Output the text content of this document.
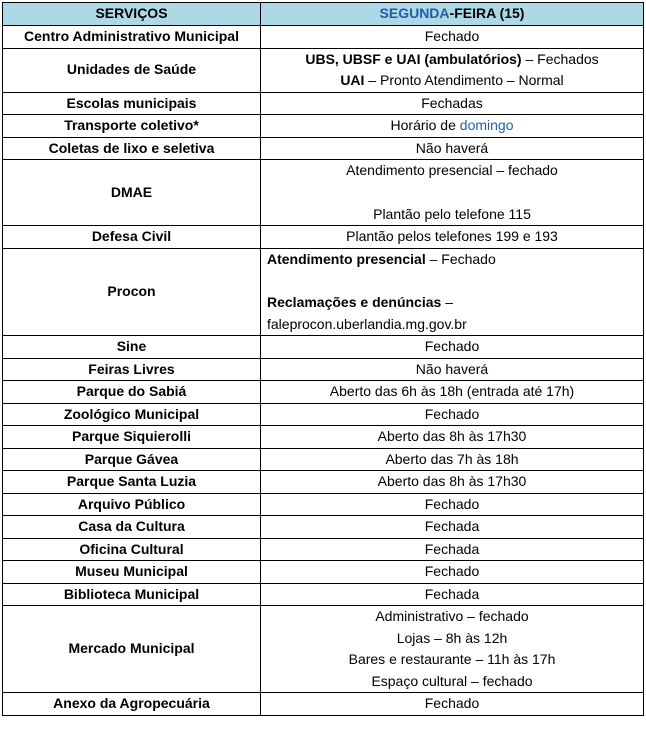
SERVIÇOS	SEGUNDA-FEIRA (15)
Centro Administrativo Municipal	Fechado
Unidades de Saúde	UBS, UBSF e UAI (ambulatórios) – Fechados
UAI – Pronto Atendimento – Normal

Escolas municipais	Fechadas
Transporte coletivo*	Horário de domingo
Coletas de lixo e seletiva	Não haverá
DMAE	Atendimento presencial – fechado
Plantão pelo telefone 115

Defesa Civil	Plantão pelos telefones 199 e 193
Procon	Atendimento presencial – Fechado
Reclamações e denúncias –
faleprocon.uberlandia.mg.gov.br

Sine	Fechado
Feiras Livres	Não haverá
Parque do Sabiá	Aberto das 6h às 18h (entrada até 17h)
Zoológico Municipal	Fechado
Parque Siquierolli	Aberto das 8h às 17h30
Parque Gávea	Aberto das 7h às 18h
Parque Santa Luzia	Aberto das 8h às 17h30
Arquivo Público	Fechado
Casa da Cultura	Fechada
Oficina Cultural	Fechada
Museu Municipal	Fechado
Biblioteca Municipal	Fechada
Mercado Municipal	Administrativo – fechado
Lojas – 8h às 12h
Bares e restaurante – 11h às 17h
Espaço cultural – fechado

Anexo da Agropecuária	Fechado
